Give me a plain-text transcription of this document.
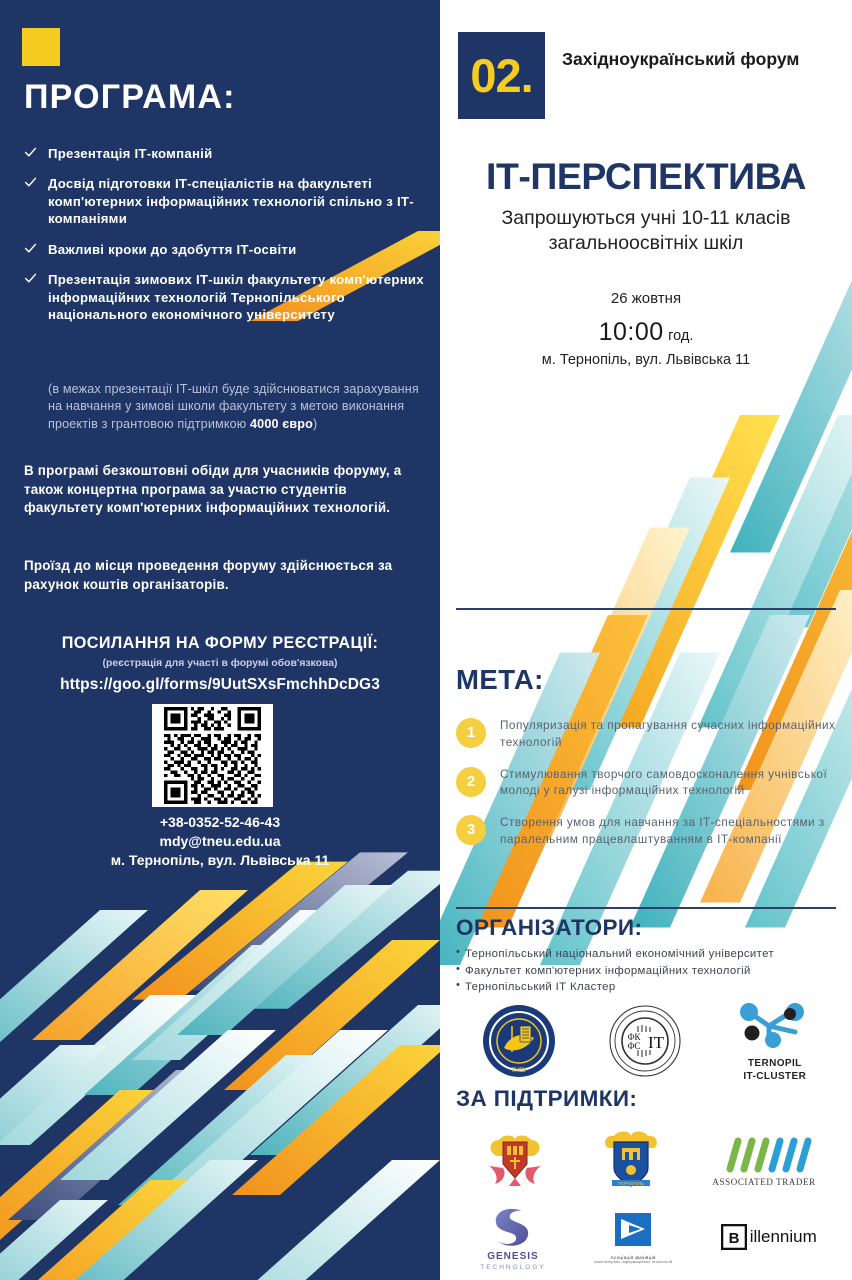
ПРОГРАМА:
Презентація ІТ-компаній
Досвід підготовки ІТ-спеціалістів на факультеті комп'ютерних інформаційних технологій спільно з ІТ-компаніями
Важливі кроки до здобуття ІТ-освіти
Презентація зимових ІТ-шкіл факультету комп'ютерних інформаційних технологій Тернопільського національного економічного університету
(в межах презентації ІТ-шкіл буде здійснюватися зарахування на навчання у зимові школи факультету з метою виконання проектів з грантовою підтримкою 4000 євро)
В програмі безкоштовні обіди для учасників форуму, а також концертна програма за участю студентів факультету комп'ютерних інформаційних технологій.
Проїзд до місця проведення форуму здійснюється за рахунок коштів організаторів.
ПОСИЛАННЯ НА ФОРМУ РЕЄСТРАЦІЇ:
(реєстрація для участі в форумі обов'язкова)
https://goo.gl/forms/9UutSXsFmchhDcDG3
+38-0352-52-46-43
mdy@tneu.edu.ua
м. Тернопіль, вул. Львівська 11
02.	Західноукраїнський форум
ІТ-ПЕРСПЕКТИВА
Запрошуються учні 10-11 класів загальноосвітніх шкіл
26 жовтня
10:00 год.
м. Тернопіль, вул. Львівська 11
МЕТА:
1	Популяризація та пропагування сучасних інформаційних технологій
2	Стимулювання творчого самовдосконалення учнівської молоді у галузі інформаційних технологій
3	Створення умов для навчання за ІТ-спеціальностями з паралельним працевлаштуванням в ІТ-компанії
ОРГАНІЗАТОРИ:
• Тернопільський національний економічний університет
• Факультет комп'ютерних інформаційних технологій
• Тернопільський ІТ Кластер
ТНЕУ
ФК
ФС IT
TERNOPIL
IT-CLUSTER
ЗА ПІДТРИМКИ:
ТЕРНОПІЛЬ	ASSOCIATED TRADER
GENESIS
TECHNOLOGY
Асоціація фахівців
комп'ютерних інформаційних технологій
B illennium
